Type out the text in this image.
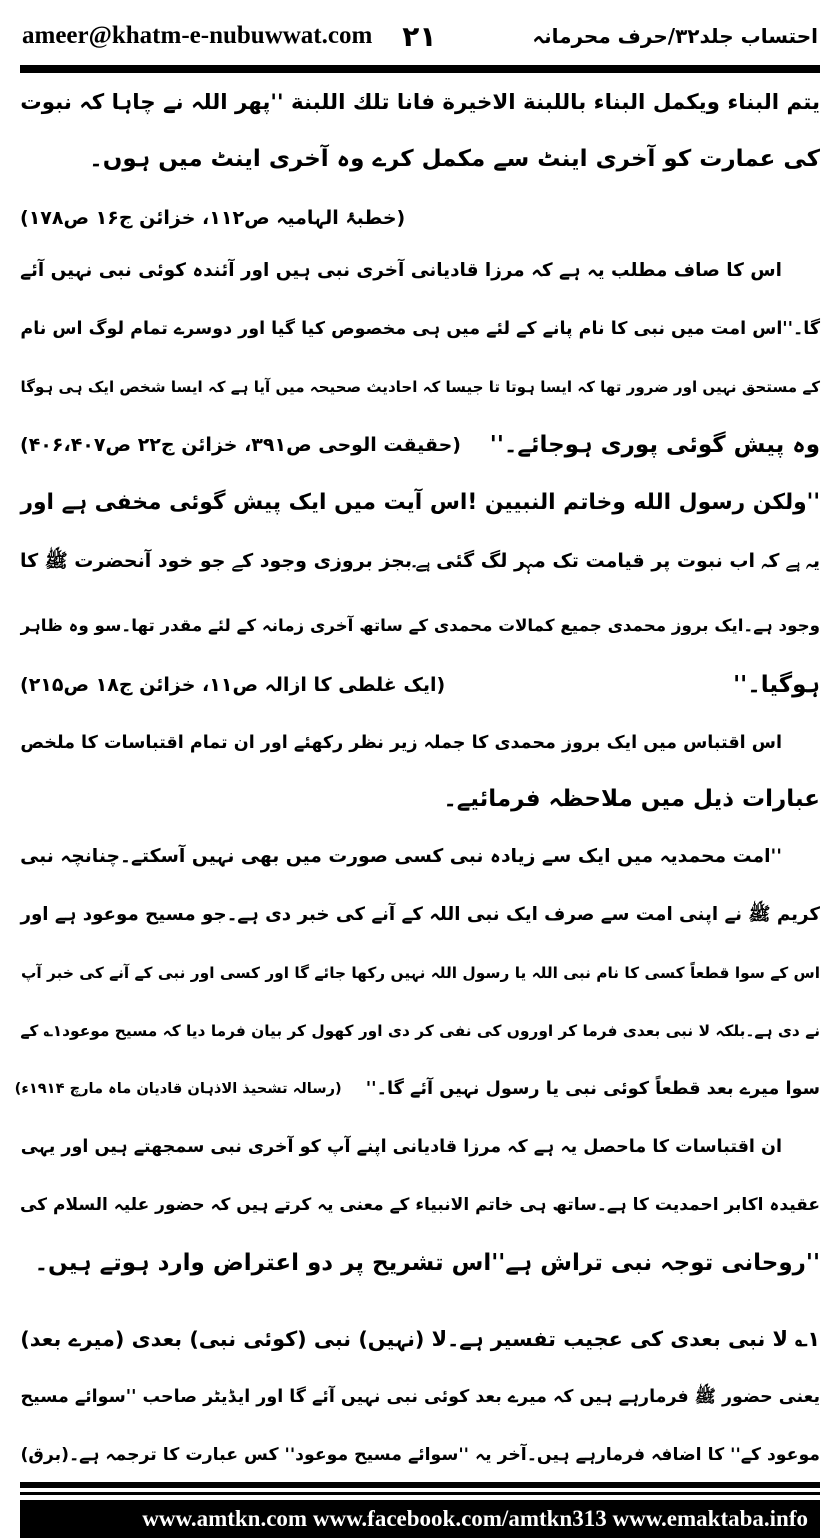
ameer@khatm-e-nubuwwat.com ۲۱	احتساب جلد۳۲/حرف محرمانہ
یتم البناء ویکمل البناء باللبنة الاخیرة فانا تلك اللبنة ''پھر اللہ نے چاہا کہ نبوت
کی عمارت کو آخری اینٹ سے مکمل کرے وہ آخری اینٹ میں ہوں۔
(خطبۂ الہامیہ ص۱۱۲، خزائن ج۱۶ ص۱۷۸)
اس کا صاف مطلب یہ ہے کہ مرزا قادیانی آخری نبی ہیں اور آئندہ کوئی نبی نہیں آئے
گا۔''اس امت میں نبی کا نام پانے کے لئے میں ہی مخصوص کیا گیا اور دوسرے تمام لوگ اس نام
کے مستحق نہیں اور ضرور تھا کہ ایسا ہوتا تا جیسا کہ احادیث صحیحہ میں آیا ہے کہ ایسا شخص ایک ہی ہوگا
وہ پیش گوئی پوری ہوجائے۔''
(حقیقت الوحی ص۳۹۱، خزائن ج۲۲ ص۴۰۶،۴۰۷)
''ولکن رسول الله وخاتم النبیین !اس آیت میں ایک پیش گوئی مخفی ہے اور
یہ ہے کہ اب نبوت پر قیامت تک مہر لگ گئی ہے۔بجز بروزی وجود کے جو خود آنحضرت ﷺ کا
وجود ہے۔ایک بروز محمدی جمیع کمالات محمدی کے ساتھ آخری زمانہ کے لئے مقدر تھا۔سو وہ ظاہر
ہوگیا۔''
(ایک غلطی کا ازالہ ص۱۱، خزائن ج۱۸ ص۲۱۵)
اس اقتباس میں ایک بروز محمدی کا جملہ زیر نظر رکھئے اور ان تمام اقتباسات کا ملخص
عبارات ذیل میں ملاحظہ فرمائیے۔
''امت محمدیہ میں ایک سے زیادہ نبی کسی صورت میں بھی نہیں آسکتے۔چنانچہ نبی
کریم ﷺ نے اپنی امت سے صرف ایک نبی اللہ کے آنے کی خبر دی ہے۔جو مسیح موعود ہے اور
اس کے سوا قطعاً کسی کا نام نبی اللہ یا رسول اللہ نہیں رکھا جائے گا اور کسی اور نبی کے آنے کی خبر آپ
نے دی ہے۔بلکہ لا نبی بعدی فرما کر اوروں کی نفی کر دی اور کھول کر بیان فرما دیا کہ مسیح موعود۱؎ کے
سوا میرے بعد قطعاً کوئی نبی یا رسول نہیں آئے گا۔''
(رسالہ تشحیذ الاذہان قادیان ماہ مارچ ۱۹۱۴ء)
ان اقتباسات کا ماحصل یہ ہے کہ مرزا قادیانی اپنے آپ کو آخری نبی سمجھتے ہیں اور یہی
عقیدہ اکابر احمدیت کا ہے۔ساتھ ہی خاتم الانبیاء کے معنی یہ کرتے ہیں کہ حضور علیہ السلام کی
''روحانی توجہ نبی تراش ہے''اس تشریح پر دو اعتراض وارد ہوتے ہیں۔
۱؎ لا نبی بعدی کی عجیب تفسیر ہے۔لا (نہیں) نبی (کوئی نبی) بعدی (میرے بعد)
یعنی حضور ﷺ فرمارہے ہیں کہ میرے بعد کوئی نبی نہیں آئے گا اور ایڈیٹر صاحب ''سوائے مسیح
موعود کے'' کا اضافہ فرمارہے ہیں۔آخر یہ ''سوائے مسیح موعود'' کس عبارت کا ترجمہ ہے۔(برق)
www.amtkn.com www.facebook.com/amtkn313 www.emaktaba.info
